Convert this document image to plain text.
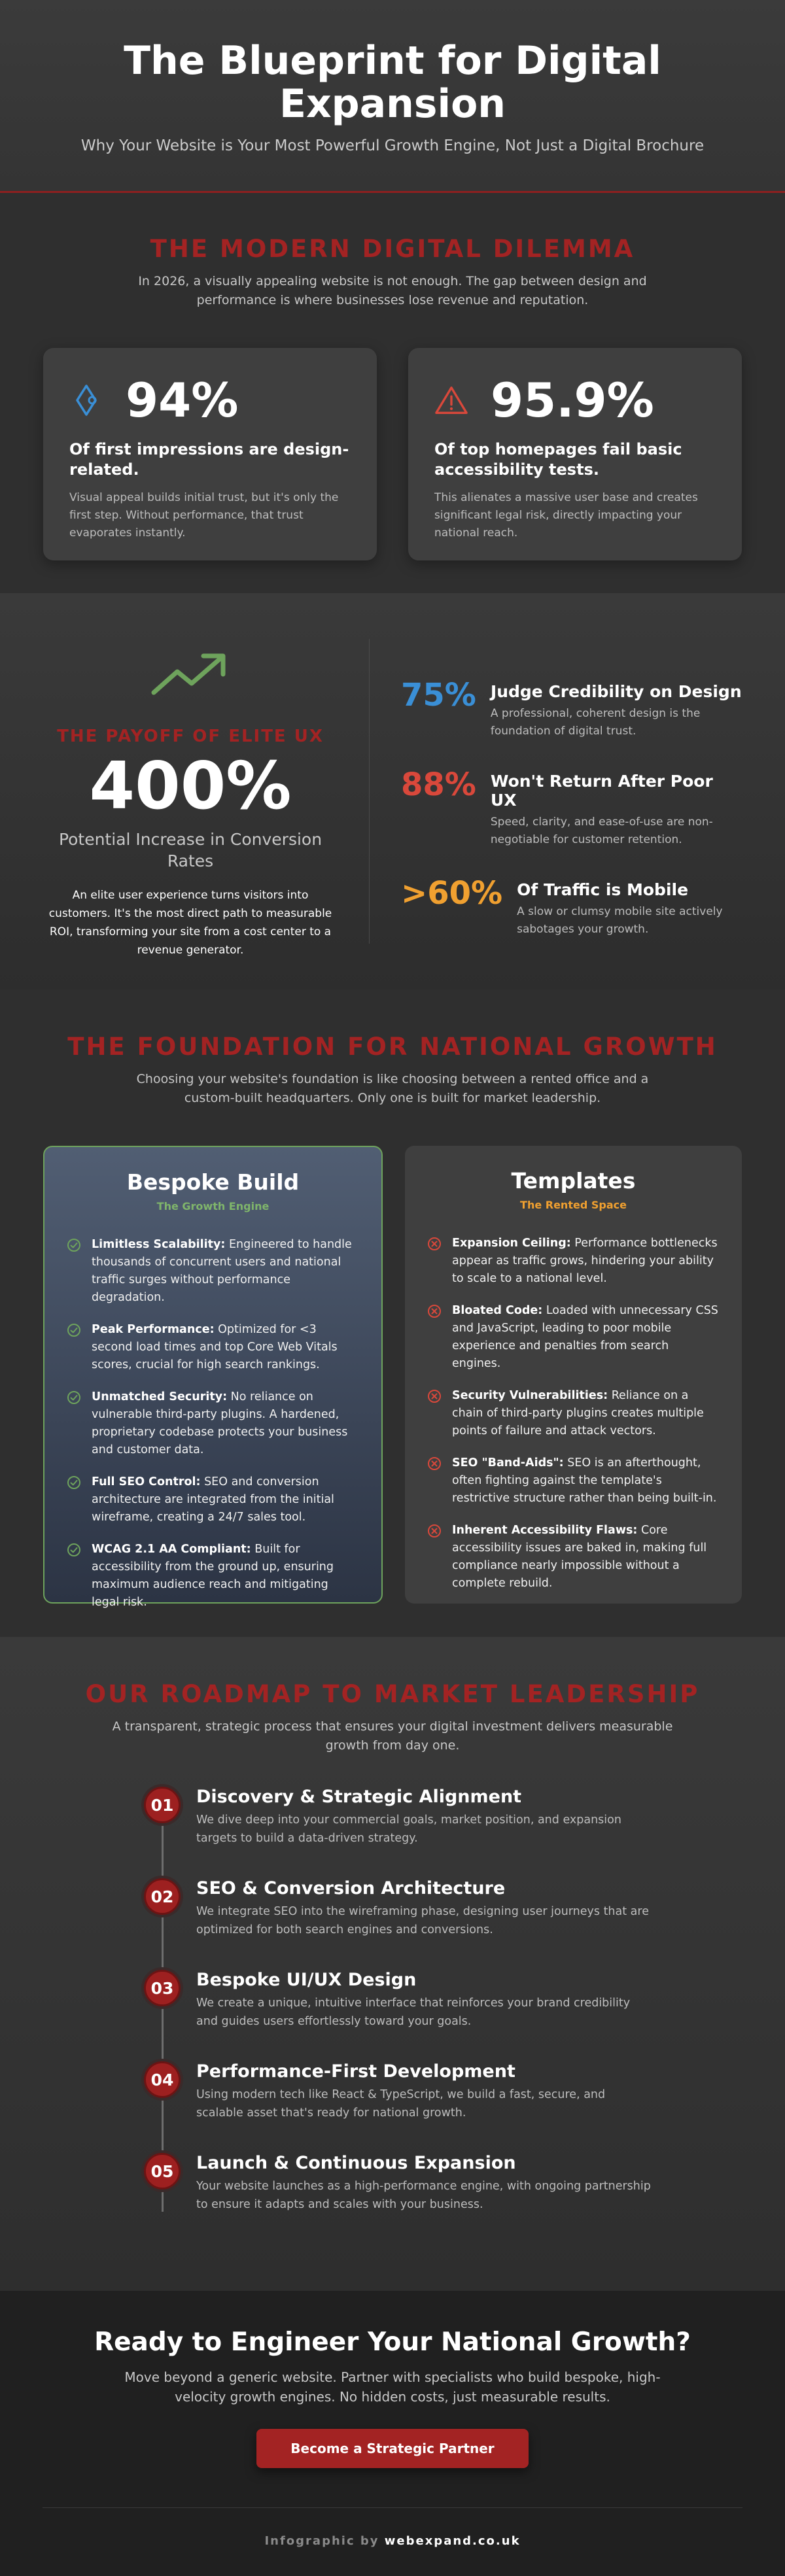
The Blueprint for Digital Expansion

Why Your Website is Your Most Powerful Growth Engine, Not Just a Digital Brochure

THE MODERN DIGITAL DILEMMA

In 2026, a visually appealing website is not enough. The gap between design and performance is where businesses lose revenue and reputation.

94%

Of first impressions are design-related.

Visual appeal builds initial trust, but it's only the first step. Without performance, that trust evaporates instantly.

95.9%

Of top homepages fail basic accessibility tests.

This alienates a massive user base and creates significant legal risk, directly impacting your national reach.

THE PAYOFF OF ELITE UX

400%

Potential Increase in Conversion Rates

An elite user experience turns visitors into customers. It's the most direct path to measurable ROI, transforming your site from a cost center to a revenue generator.

75% Judge Credibility on Design

A professional, coherent design is the foundation of digital trust.

88% Won't Return After Poor UX

Speed, clarity, and ease-of-use are non-negotiable for customer retention.

>60% Of Traffic is Mobile

A slow or clumsy mobile site actively sabotages your growth.

THE FOUNDATION FOR NATIONAL GROWTH

Choosing your website's foundation is like choosing between a rented office and a custom-built headquarters. Only one is built for market leadership.

Bespoke Build

The Growth Engine

Limitless Scalability: Engineered to handle thousands of concurrent users and national traffic surges without performance degradation.

Peak Performance: Optimized for <3 second load times and top Core Web Vitals scores, crucial for high search rankings.

Unmatched Security: No reliance on vulnerable third-party plugins. A hardened, proprietary codebase protects your business and customer data.

Full SEO Control: SEO and conversion architecture are integrated from the initial wireframe, creating a 24/7 sales tool.

WCAG 2.1 AA Compliant: Built for accessibility from the ground up, ensuring maximum audience reach and mitigating legal risk.

Templates

The Rented Space

Expansion Ceiling: Performance bottlenecks appear as traffic grows, hindering your ability to scale to a national level.

Bloated Code: Loaded with unnecessary CSS and JavaScript, leading to poor mobile experience and penalties from search engines.

Security Vulnerabilities: Reliance on a chain of third-party plugins creates multiple points of failure and attack vectors.

SEO "Band-Aids": SEO is an afterthought, often fighting against the template's restrictive structure rather than being built-in.

Inherent Accessibility Flaws: Core accessibility issues are baked in, making full compliance nearly impossible without a complete rebuild.

OUR ROADMAP TO MARKET LEADERSHIP

A transparent, strategic process that ensures your digital investment delivers measurable growth from day one.

01	Discovery & Strategic Alignment

We dive deep into your commercial goals, market position, and expansion targets to build a data-driven strategy.

02	SEO & Conversion Architecture

We integrate SEO into the wireframing phase, designing user journeys that are optimized for both search engines and conversions.

03	Bespoke UI/UX Design

We create a unique, intuitive interface that reinforces your brand credibility and guides users effortlessly toward your goals.

04	Performance-First Development

Using modern tech like React & TypeScript, we build a fast, secure, and scalable asset that's ready for national growth.

05	Launch & Continuous Expansion

Your website launches as a high-performance engine, with ongoing partnership to ensure it adapts and scales with your business.

Ready to Engineer Your National Growth?

Move beyond a generic website. Partner with specialists who build bespoke, high-velocity growth engines. No hidden costs, just measurable results.

Become a Strategic Partner

Infographic by webexpand.co.uk
